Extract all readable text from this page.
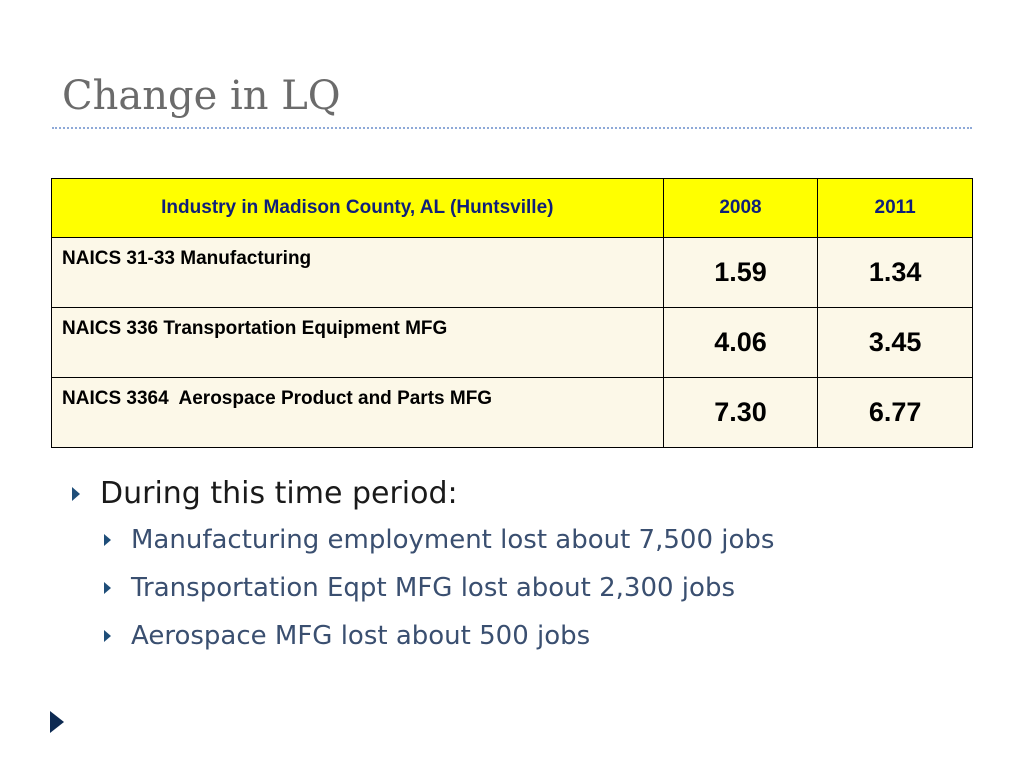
Change in LQ
Industry in Madison County, AL (Huntsville)	2008	2011
NAICS 31-33 Manufacturing	1.59	1.34
NAICS 336 Transportation Equipment MFG	4.06	3.45
NAICS 3364  Aerospace Product and Parts MFG	7.30	6.77
During this time period:
Manufacturing employment lost about 7,500 jobs
Transportation Eqpt MFG lost about 2,300 jobs
Aerospace MFG lost about 500 jobs
